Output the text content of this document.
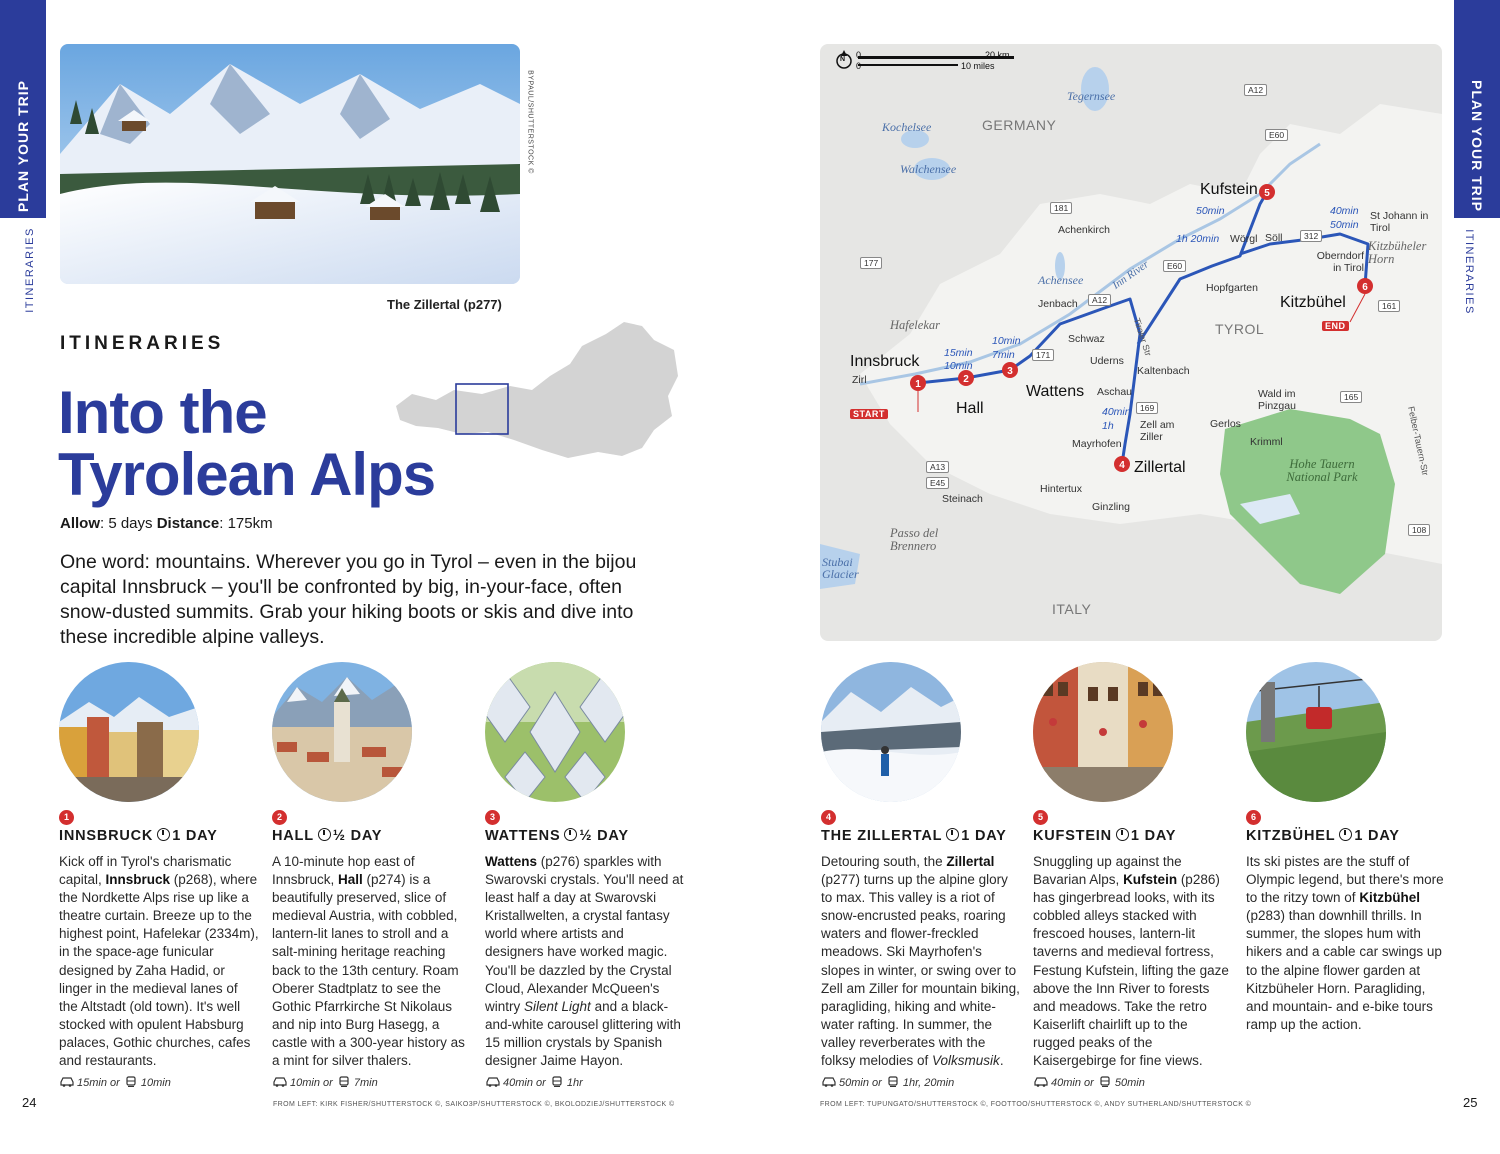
PLAN YOUR TRIP
ITINERARIES
PLAN YOUR TRIP
ITINERARIES
BYPAUL/SHUTTERSTOCK ©
The Zillertal (p277)
ITINERARIES
Into the
Tyrolean Alps
Allow: 5 days Distance: 175km
One word: mountains. Wherever you go in Tyrol – even in the bijou capital Innsbruck – you'll be confronted by big, in-your-face, often snow-dusted summits. Grab your hiking boots or skis and dive into these incredible alpine valleys.
1
INNSBRUCK 1 DAY
Kick off in Tyrol's charismatic capital, Innsbruck (p268), where the Nordkette Alps rise up like a theatre curtain. Breeze up to the highest point, Hafelekar (2334m), in the space-age funicular designed by Zaha Hadid, or linger in the medieval lanes of the Altstadt (old town). It's well stocked with opulent Habsburg palaces, Gothic churches, cafes and restaurants.
15min or 10min
2
HALL ½ DAY
A 10-minute hop east of Innsbruck, Hall (p274) is a beautifully preserved, slice of medieval Austria, with cobbled, lantern-lit lanes to stroll and a salt-mining heritage reaching back to the 13th century. Roam Oberer Stadtplatz to see the Gothic Pfarrkirche St Nikolaus and nip into Burg Hasegg, a castle with a 300-year history as a mint for silver thalers.
10min or 7min
3
WATTENS ½ DAY
Wattens (p276) sparkles with Swarovski crystals. You'll need at least half a day at Swarovski Kristallwelten, a crystal fantasy world where artists and designers have worked magic. You'll be dazzled by the Crystal Cloud, Alexander McQueen's wintry Silent Light and a black-and-white carousel glittering with 15 million crystals by Spanish designer Jaime Hayon.
40min or 1hr
4
THE ZILLERTAL 1 DAY
Detouring south, the Zillertal (p277) turns up the alpine glory to max. This valley is a riot of snow-encrusted peaks, roaring waters and flower-freckled meadows. Ski Mayrhofen's slopes in winter, or swing over to Zell am Ziller for mountain biking, paragliding, hiking and white-water rafting. In summer, the valley reverberates with the folksy melodies of Volksmusik.
50min or 1hr, 20min
5
KUFSTEIN 1 DAY
Snuggling up against the Bavarian Alps, Kufstein (p286) has gingerbread looks, with its cobbled alleys stacked with frescoed houses, lantern-lit taverns and medieval fortress, Festung Kufstein, lifting the gaze above the Inn River to forests and meadows. Take the retro Kaiserlift chairlift up to the rugged peaks of the Kaisergebirge for fine views.
40min or 50min
6
KITZBÜHEL 1 DAY
Its ski pistes are the stuff of Olympic legend, but there's more to the ritzy town of Kitzbühel (p283) than downhill thrills. In summer, the slopes hum with hikers and a cable car swings up to the alpine flower garden at Kitzbüheler Horn. Paragliding, and mountain- and e-bike tours ramp up the action.
FROM LEFT: KIRK FISHER/SHUTTERSTOCK ©, SAIKO3P/SHUTTERSTOCK ©, BKOLODZIEJ/SHUTTERSTOCK ©	FROM LEFT: TUPUNGATO/SHUTTERSTOCK ©, FOOTTOO/SHUTTERSTOCK ©, ANDY SUTHERLAND/SHUTTERSTOCK ©
24	25
1	2
3
4
5
6
N 0
0
20 km
10 miles
GERMANY
TYROL
ITALY
Tegernsee
Kochelsee
Walchensee
Achensee
Stubai Glacier
Hafelekar
Passo del Brennero
Kitzbüheler Horn
Hohe Tauern National Park
Inn River
Tiroler Str
Felber-Tauern-Str
A12
E60
181
177
171
169
312
161
165
108
A13
E45
A12
E60
Achenkirch
Jenbach
Schwaz
Uderns
Kaltenbach
Aschau
Zell am Ziller
Mayrhofen
Hintertux
Ginzling
Steinach
Zirl
Wörgl Söll
St Johann in Tirol
Oberndorf in Tirol
Hopfgarten
Wald im Pinzgau
Gerlos
Krimml
Innsbruck
Hall
Wattens
Zillertal
Kufstein
Kitzbühel
START
END
15min
10min
10min
7min
40min
1h
50min
1h 20min
40min
50min
